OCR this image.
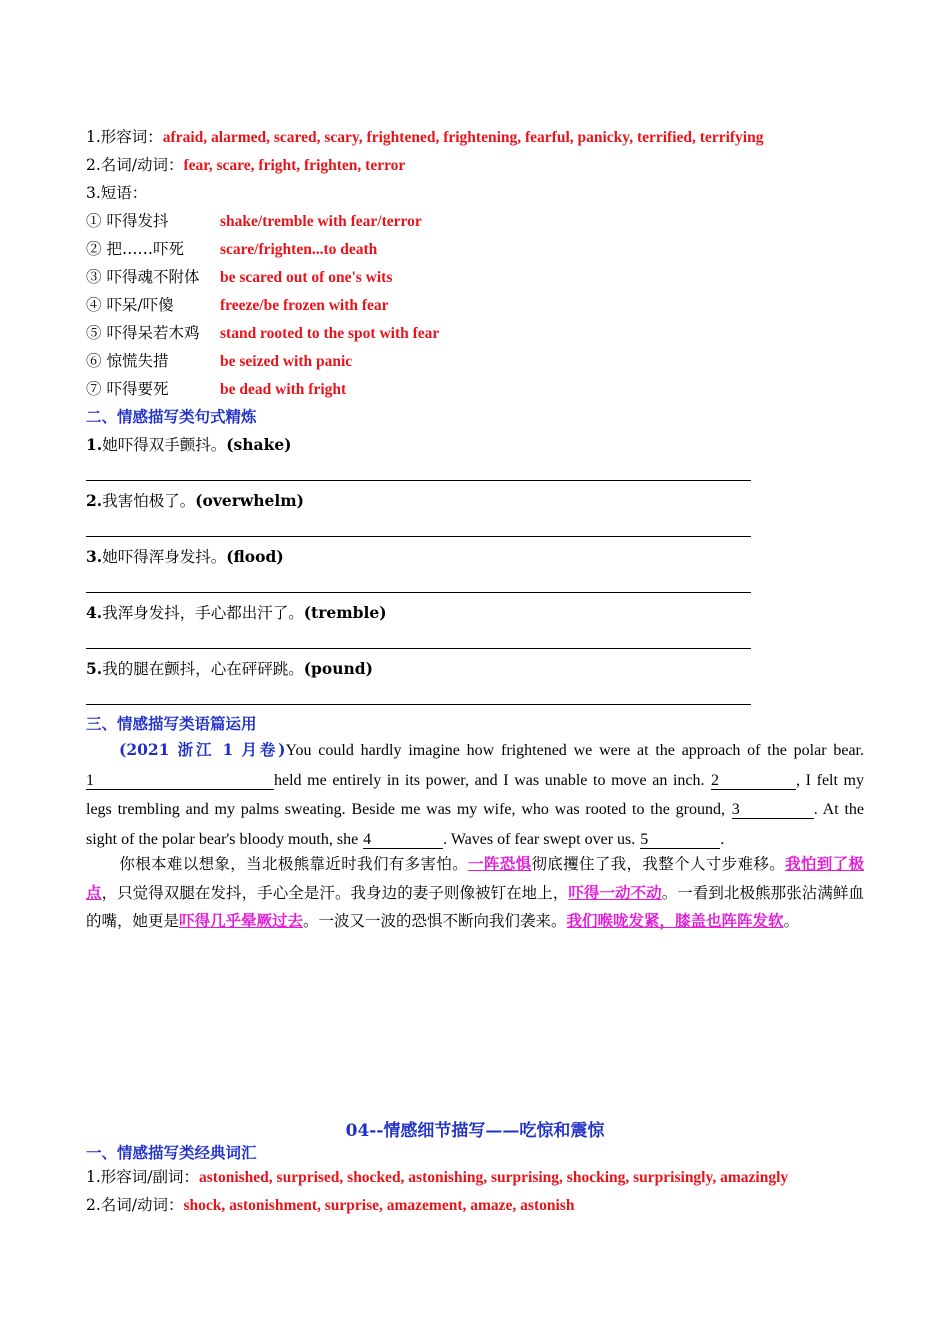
1.形容词：afraid, alarmed, scared, scary, frightened, frightening, fearful, panicky, terrified, terrifying
2.名词/动词：fear, scare, fright, frighten, terror
3.短语：
① 吓得发抖	shake/tremble with fear/terror
② 把……吓死 scare/frighten...to death
③ 吓得魂不附体 be scared out of one's wits
④ 吓呆/吓傻	freeze/be frozen with fear
⑤ 吓得呆若木鸡 stand rooted to the spot with fear
⑥ 惊慌失措	be seized with panic
⑦ 吓得要死	be dead with fright
二、情感描写类句式精炼
1.她吓得双手颤抖。(shake)
2.我害怕极了。(overwhelm)
3.她吓得浑身发抖。(flood)
4.我浑身发抖，手心都出汗了。(tremble)
5.我的腿在颤抖，心在砰砰跳。(pound)
三、情感描写类语篇运用
(2021 浙江 1 月卷)You could hardly imagine how frightened we were at the approach of the polar bear. 1	held me entirely in its power, and I was unable to move an inch. 2	, I felt my legs trembling and my palms sweating. Beside me was my wife, who was rooted to the ground, 3	. At the sight of the polar bear's bloody mouth, she 4	. Waves of fear swept over us. 5	.
你根本难以想象，当北极熊靠近时我们有多害怕。一阵恐惧彻底攫住了我，我整个人寸步难移。我怕到了极点，只觉得双腿在发抖，手心全是汗。我身边的妻子则像被钉在地上，吓得一动不动。一看到北极熊那张沾满鲜血的嘴，她更是吓得几乎晕厥过去。一波又一波的恐惧不断向我们袭来。我们喉咙发紧，膝盖也阵阵发软。
04--情感细节描写——吃惊和震惊
一、情感描写类经典词汇
1.形容词/副词：astonished, surprised, shocked, astonishing, surprising, shocking, surprisingly, amazingly
2.名词/动词：shock, astonishment, surprise, amazement, amaze, astonish
